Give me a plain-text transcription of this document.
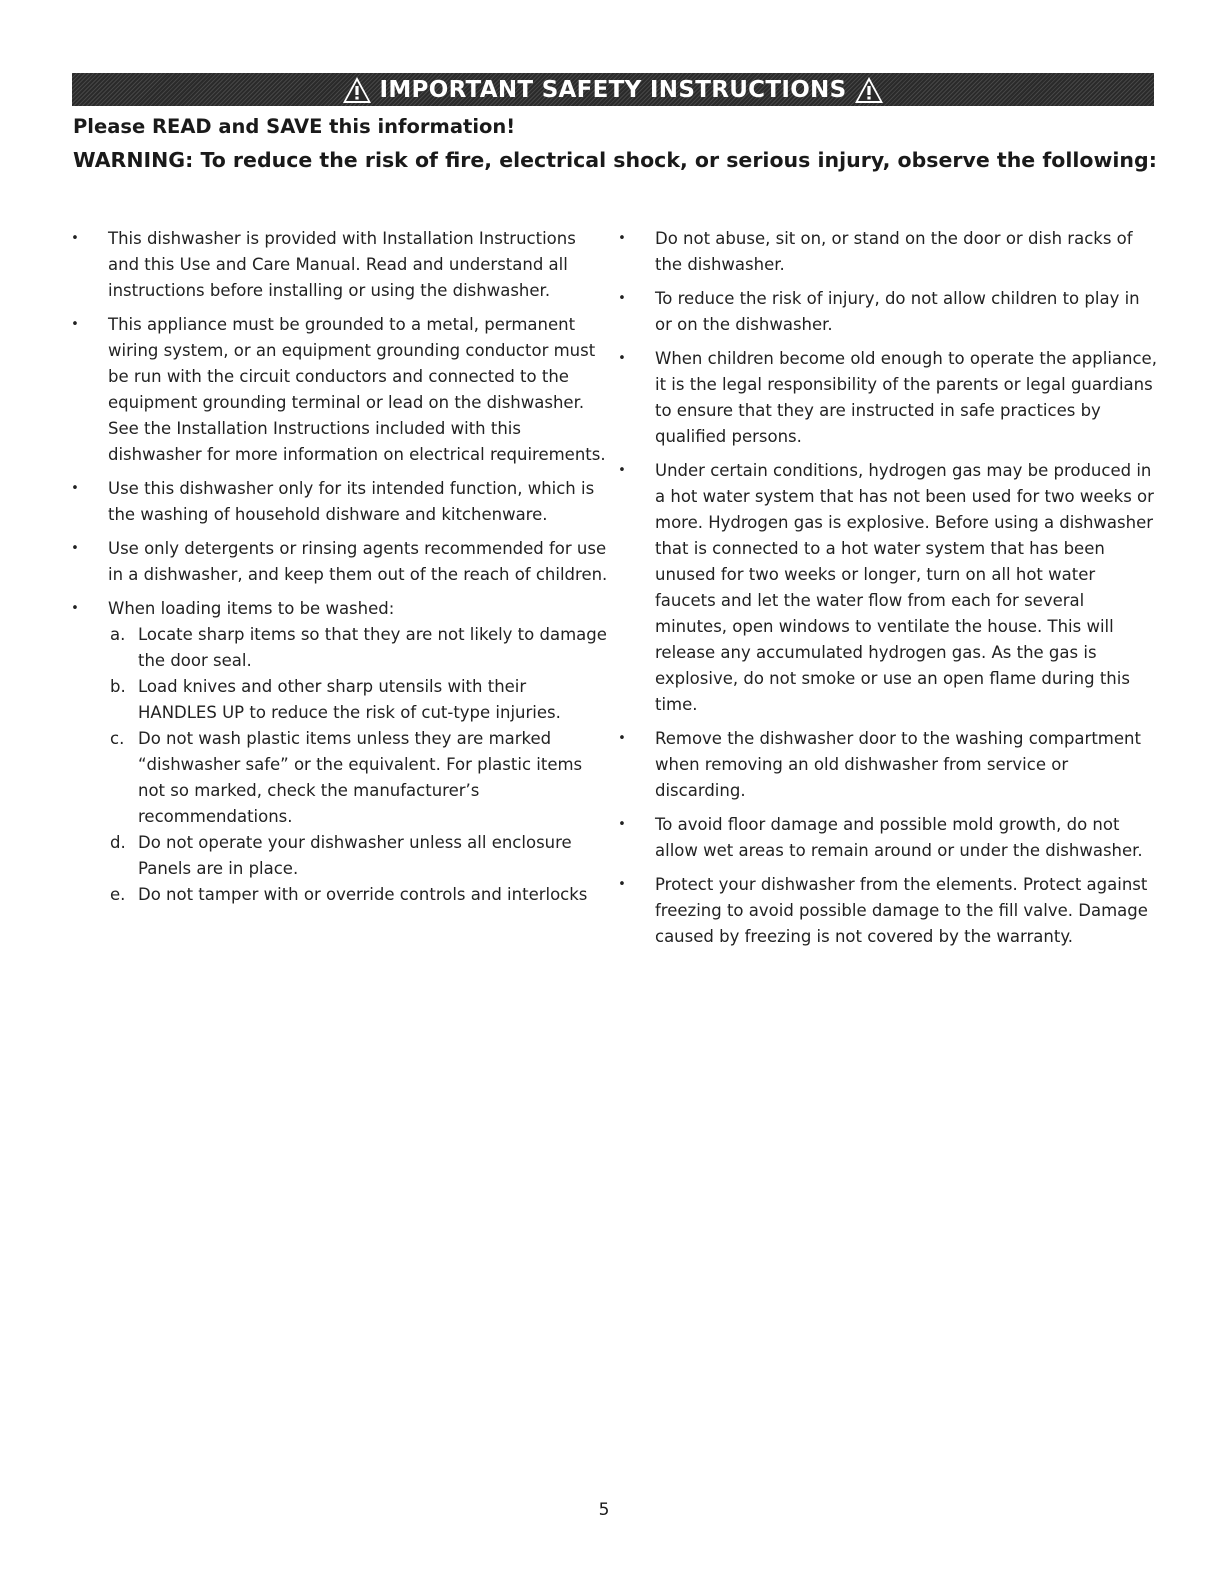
IMPORTANT SAFETY INSTRUCTIONS
Please READ and SAVE this information!
WARNING: To reduce the risk of fire, electrical shock, or serious injury, observe the following:
• This dishwasher is provided with Installation Instructions and this Use and Care Manual. Read and understand all instructions before installing or using the dishwasher.
• This appliance must be grounded to a metal, permanent wiring system, or an equipment grounding conductor must be run with the circuit conductors and connected to the equipment grounding terminal or lead on the dishwasher. See the Installation Instructions included with this dishwasher for more information on electrical requirements.
• Use this dishwasher only for its intended function, which is the washing of household dishware and kitchenware.
• Use only detergents or rinsing agents recommended for use in a dishwasher, and keep them out of the reach of children.
• When loading items to be washed:
a. Locate sharp items so that they are not likely to damage the door seal.
b. Load knives and other sharp utensils with their HANDLES UP to reduce the risk of cut-type injuries.
c. Do not wash plastic items unless they are marked “dishwasher safe” or the equivalent. For plastic items not so marked, check the manufacturer’s recommendations.
d. Do not operate your dishwasher unless all enclosure Panels are in place.
e. Do not tamper with or override controls and interlocks
• Do not abuse, sit on, or stand on the door or dish racks of the dishwasher.
• To reduce the risk of injury, do not allow children to play in or on the dishwasher.
• When children become old enough to operate the appliance, it is the legal responsibility of the parents or legal guardians to ensure that they are instructed in safe practices by qualified persons.
• Under certain conditions, hydrogen gas may be produced in a hot water system that has not been used for two weeks or more. Hydrogen gas is explosive. Before using a dishwasher that is connected to a hot water system that has been unused for two weeks or longer, turn on all hot water faucets and let the water flow from each for several minutes, open windows to ventilate the house. This will release any accumulated hydrogen gas. As the gas is explosive, do not smoke or use an open flame during this time.
• Remove the dishwasher door to the washing compartment when removing an old dishwasher from service or discarding.
• To avoid floor damage and possible mold growth, do not allow wet areas to remain around or under the dishwasher.
• Protect your dishwasher from the elements. Protect against freezing to avoid possible damage to the fill valve. Damage caused by freezing is not covered by the warranty.
5
